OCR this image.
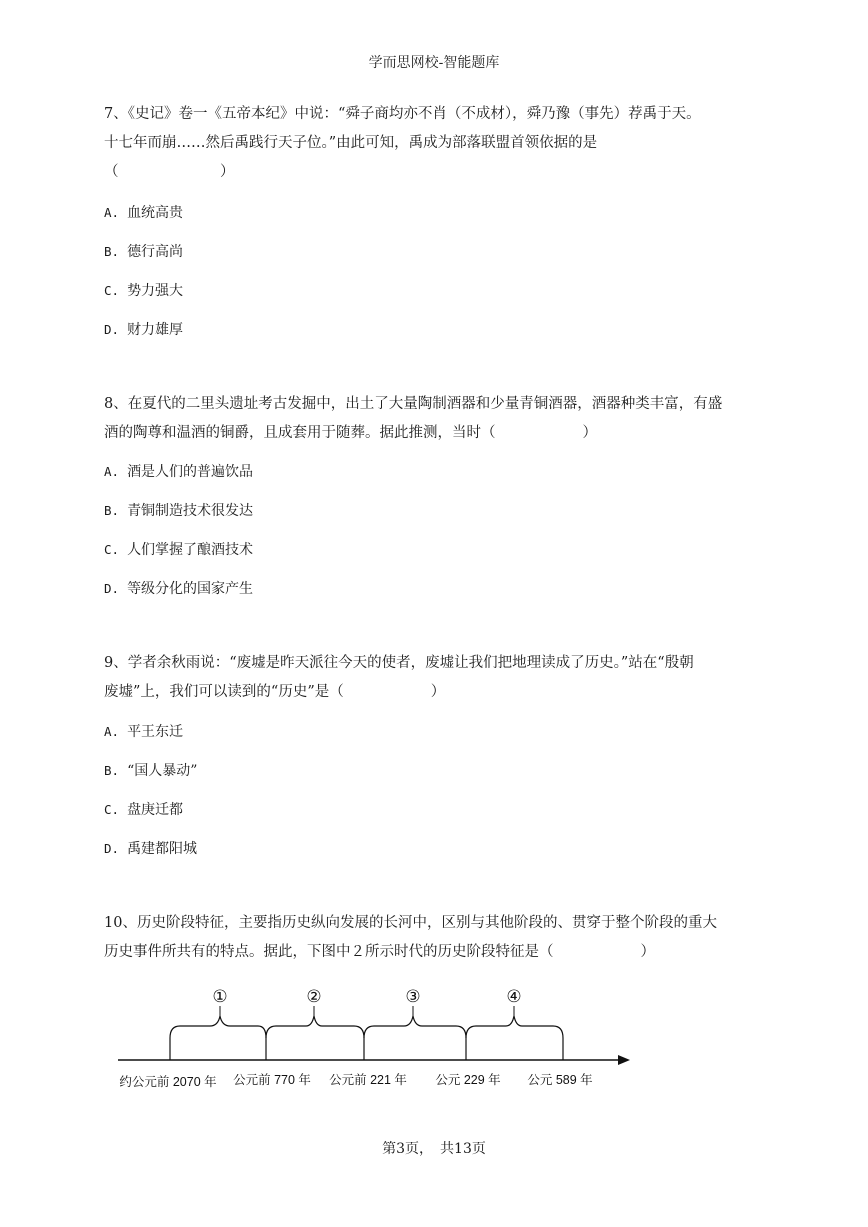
学而思网校-智能题库
7、《史记》卷一《五帝本纪》中说：“舜子商均亦不肖（不成材），舜乃豫（事先）荐禹于天。
十七年而崩……然后禹践行天子位。”由此可知，禹成为部落联盟首领依据的是
（　　　　　　　）
A. 血统高贵
B. 德行高尚
C. 势力强大
D. 财力雄厚
8、在夏代的二里头遗址考古发掘中，出土了大量陶制酒器和少量青铜酒器，酒器种类丰富，有盛
酒的陶尊和温酒的铜爵，且成套用于随葬。据此推测，当时（　　　　　　）
A. 酒是人们的普遍饮品
B. 青铜制造技术很发达
C. 人们掌握了酿酒技术
D. 等级分化的国家产生
9、学者余秋雨说：“废墟是昨天派往今天的使者，废墟让我们把地理读成了历史。”站在“殷朝
废墟”上，我们可以读到的“历史”是（　　　　　　）
A. 平王东迁
B. “国人暴动”
C. 盘庚迁都
D. 禹建都阳城
10、历史阶段特征，主要指历史纵向发展的长河中，区别与其他阶段的、贯穿于整个阶段的重大
历史事件所共有的特点。据此，下图中２所示时代的历史阶段特征是（　　　　　　）
①	②	③	④
约公元前 2070 年 公元前 770 年 公元前 221 年 公元 229 年 公元 589 年
第3页，　共13页
